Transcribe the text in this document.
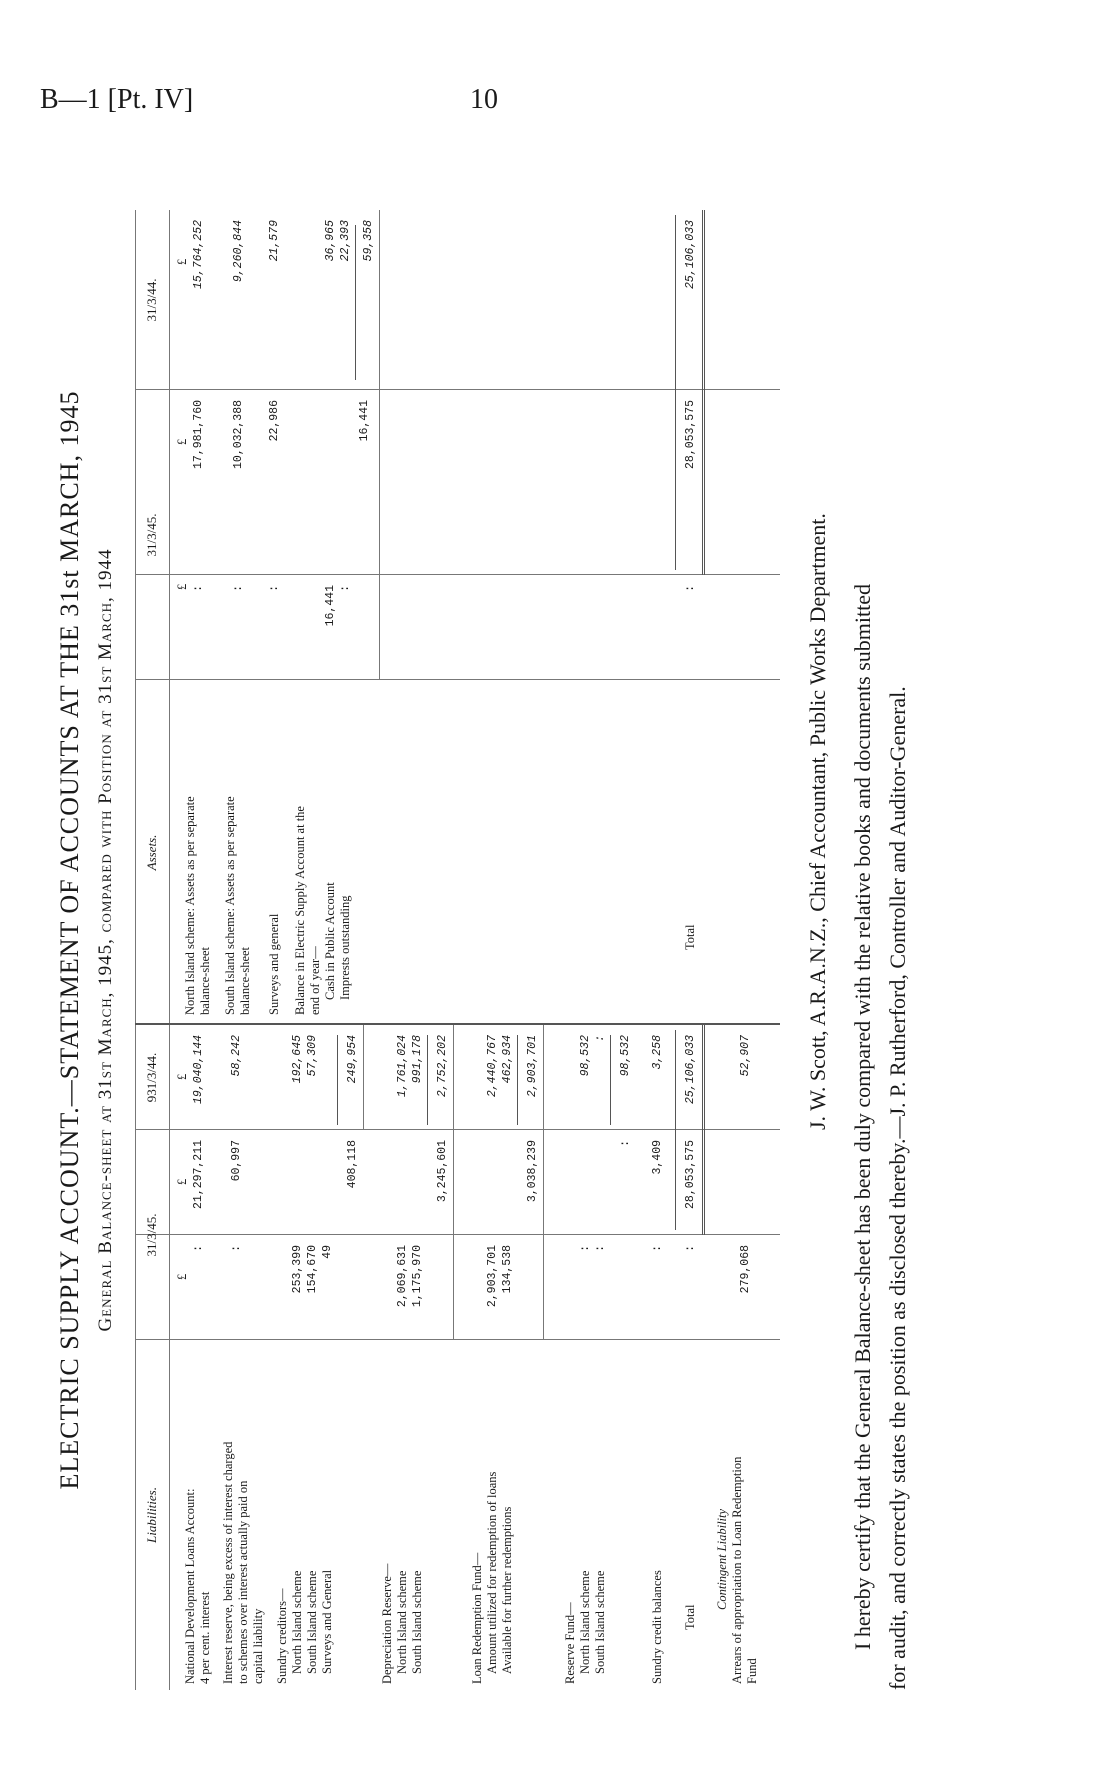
B—1 [Pt. IV]	10
ELECTRIC SUPPLY ACCOUNT.—STATEMENT OF ACCOUNTS AT THE 31st MARCH, 1945 General Balance-sheet at 31st March, 1945, compared with Position at 31st March, 1944
Liabilities.
31/3/45.
931/3/44.
Assets.
31/3/45.
31/3/44.
£
£
£
£
£
£
National Development Loans Account:
4 per cent. interest
:
21,297,211
19,040,144
Interest reserve, being excess of interest charged
to schemes over interest actually paid on
capital liability
:
60,997
58,242
Sundry creditors— North Island scheme
253,399
192,645
South Island scheme
154,670
57,309
Surveys and General
49
408,118
249,954
Depreciation Reserve— North Island scheme
2,069,631
1,761,024
South Island scheme
1,175,970
3,245,601
991,178 2,752,202
Loan Redemption Fund— Amount utilized for redemption of loans
2,903,701
2,440,767
Available for further redemptions
134,538
3,038,239
462,934 2,903,701
Reserve Fund— North Island scheme
:
98,532
South Island scheme
:
:
: 98,532
Sundry credit balances
:
3,409
3,258
Total
:
28,053,575
25,106,033
Contingent Liability
Arrears of appropriation to Loan Redemption
Fund
279,068
52,907
North Island scheme: Assets as per separate
balance-sheet
:
17,981,760
15,764,252
South Island scheme: Assets as per separate
balance-sheet
:
10,032,388
9,260,844
Surveys and general
:
22,986
21,579
Balance in Electric Supply Account at the
end of year— Cash in Public Account
16,441
36,965
Imprests outstanding
:
16,441
22,393 59,358
Total
:
28,053,575
25,106,033
J. W. Scott, A.R.A.N.Z., Chief Accountant, Public Works Department. I hereby certify that the General Balance-sheet has been duly compared with the relative books and documents submitted for audit, and correctly states the position as disclosed thereby.—J. P. Rutherford, Controller and Auditor-General.
